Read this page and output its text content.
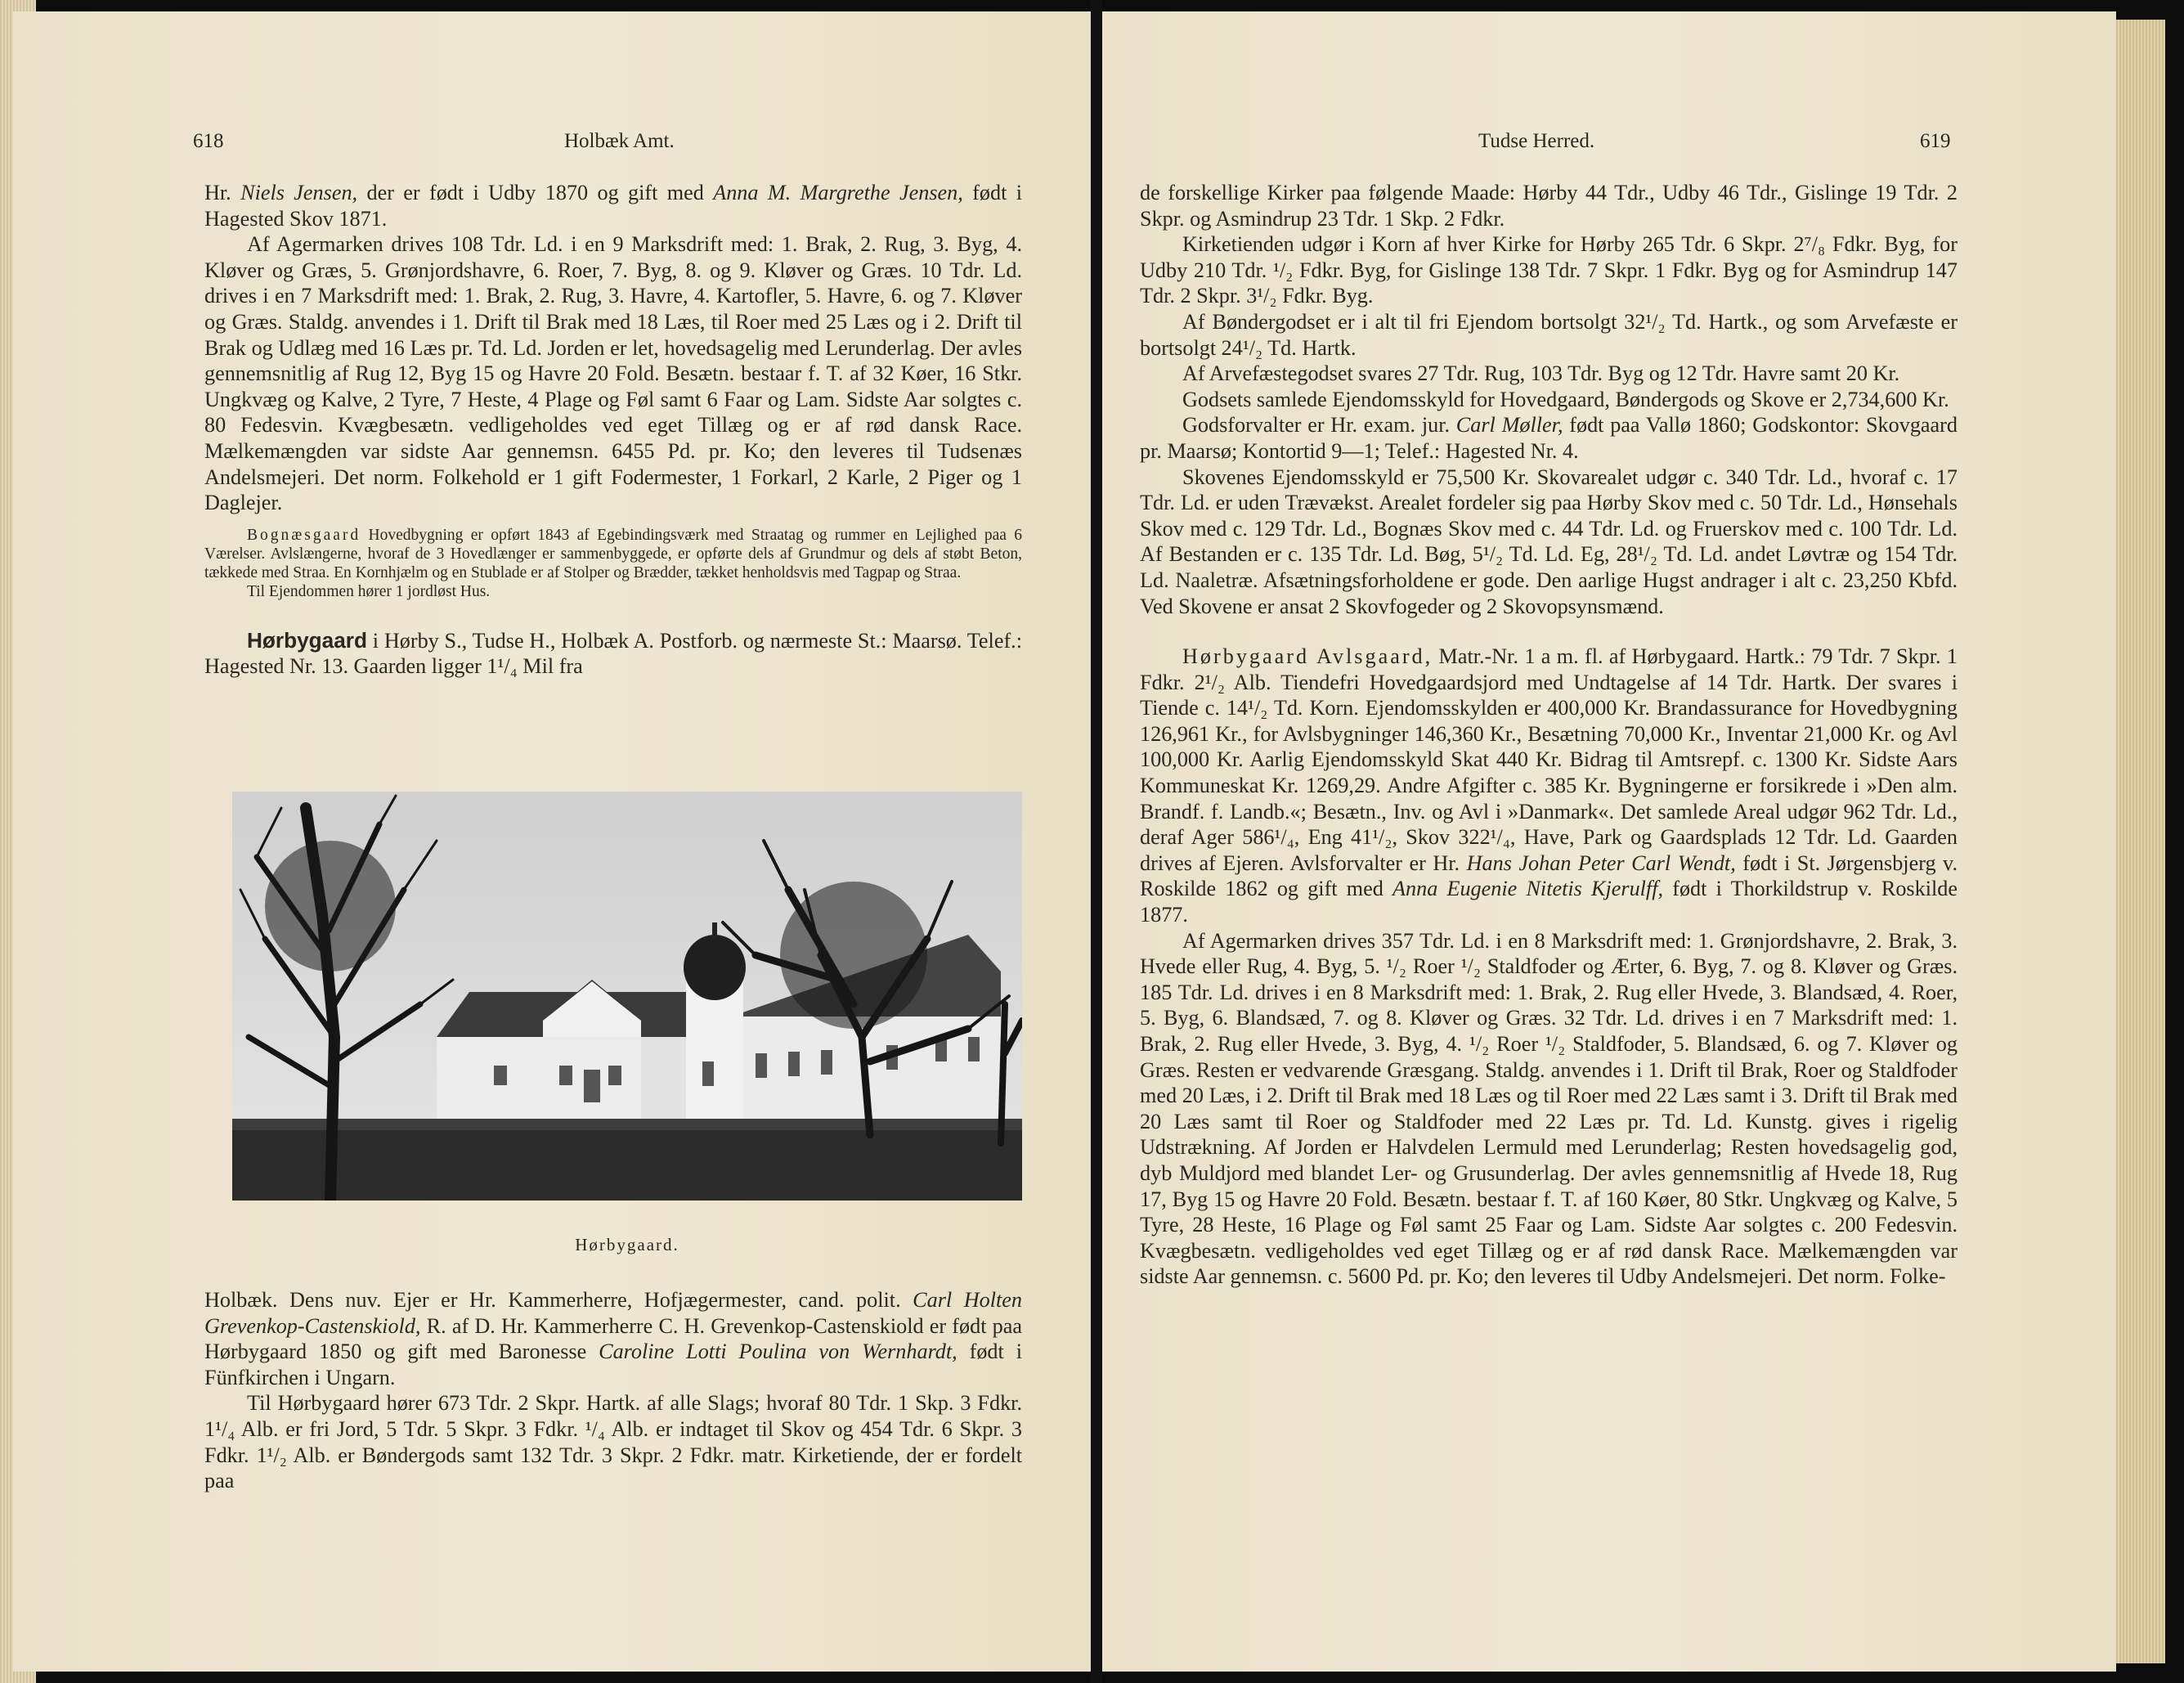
618	Holbæk Amt.

Hr. Niels Jensen, der er født i Udby 1870 og gift med Anna M. Margrethe Jensen, født i Hagested Skov 1871.

Af Agermarken drives 108 Tdr. Ld. i en 9 Marksdrift med: 1. Brak, 2. Rug, 3. Byg, 4. Kløver og Græs, 5. Grønjordshavre, 6. Roer, 7. Byg, 8. og 9. Kløver og Græs. 10 Tdr. Ld. drives i en 7 Marksdrift med: 1. Brak, 2. Rug, 3. Havre, 4. Kartofler, 5. Havre, 6. og 7. Kløver og Græs. Staldg. anvendes i 1. Drift til Brak med 18 Læs, til Roer med 25 Læs og i 2. Drift til Brak og Udlæg med 16 Læs pr. Td. Ld. Jorden er let, hovedsagelig med Lerunderlag. Der avles gennemsnitlig af Rug 12, Byg 15 og Havre 20 Fold. Besætn. bestaar f. T. af 32 Køer, 16 Stkr. Ungkvæg og Kalve, 2 Tyre, 7 Heste, 4 Plage og Føl samt 6 Faar og Lam. Sidste Aar solgtes c. 80 Fedesvin. Kvægbesætn. vedligeholdes ved eget Tillæg og er af rød dansk Race. Mælkemængden var sidste Aar gennemsn. 6455 Pd. pr. Ko; den leveres til Tudsenæs Andelsmejeri. Det norm. Folkehold er 1 gift Fodermester, 1 Forkarl, 2 Karle, 2 Piger og 1 Daglejer.

Bognæsgaard Hovedbygning er opført 1843 af Egebindingsværk med Straatag og rummer en Lejlighed paa 6 Værelser. Avlslængerne, hvoraf de 3 Hovedlænger er sammenbyggede, er opførte dels af Grundmur og dels af støbt Beton, tækkede med Straa. En Kornhjælm og en Stublade er af Stolper og Brædder, tækket henholdsvis med Tagpap og Straa.

Til Ejendommen hører 1 jordløst Hus.

Hørbygaard i Hørby S., Tudse H., Holbæk A. Postforb. og nærmeste St.: Maarsø. Telef.: Hagested Nr. 13. Gaarden ligger 1¹/₄ Mil fra

Hørbygaard.

Holbæk. Dens nuv. Ejer er Hr. Kammerherre, Hofjægermester, cand. polit. Carl Holten Grevenkop-Castenskiold, R. af D. Hr. Kammerherre C. H. Grevenkop-Castenskiold er født paa Hørbygaard 1850 og gift med Baronesse Caroline Lotti Poulina von Wernhardt, født i Fünfkirchen i Ungarn.

Til Hørbygaard hører 673 Tdr. 2 Skpr. Hartk. af alle Slags; hvoraf 80 Tdr. 1 Skp. 3 Fdkr. 1¹/₄ Alb. er fri Jord, 5 Tdr. 5 Skpr. 3 Fdkr. ¹/₄ Alb. er indtaget til Skov og 454 Tdr. 6 Skpr. 3 Fdkr. 1¹/₂ Alb. er Bøndergods samt 132 Tdr. 3 Skpr. 2 Fdkr. matr. Kirketiende, der er fordelt paa

Tudse Herred.	619

de forskellige Kirker paa følgende Maade: Hørby 44 Tdr., Udby 46 Tdr., Gislinge 19 Tdr. 2 Skpr. og Asmindrup 23 Tdr. 1 Skp. 2 Fdkr.

Kirketienden udgør i Korn af hver Kirke for Hørby 265 Tdr. 6 Skpr. 2⁷/₈ Fdkr. Byg, for Udby 210 Tdr. ¹/₂ Fdkr. Byg, for Gislinge 138 Tdr. 7 Skpr. 1 Fdkr. Byg og for Asmindrup 147 Tdr. 2 Skpr. 3¹/₂ Fdkr. Byg.

Af Bøndergodset er i alt til fri Ejendom bortsolgt 32¹/₂ Td. Hartk., og som Arvefæste er bortsolgt 24¹/₂ Td. Hartk.

Af Arvefæstegodset svares 27 Tdr. Rug, 103 Tdr. Byg og 12 Tdr. Havre samt 20 Kr.

Godsets samlede Ejendomsskyld for Hovedgaard, Bøndergods og Skove er 2,734,600 Kr.

Godsforvalter er Hr. exam. jur. Carl Møller, født paa Vallø 1860; Godskontor: Skovgaard pr. Maarsø; Kontortid 9—1; Telef.: Hagested Nr. 4.

Skovenes Ejendomsskyld er 75,500 Kr. Skovarealet udgør c. 340 Tdr. Ld., hvoraf c. 17 Tdr. Ld. er uden Trævækst. Arealet fordeler sig paa Hørby Skov med c. 50 Tdr. Ld., Hønsehals Skov med c. 129 Tdr. Ld., Bognæs Skov med c. 44 Tdr. Ld. og Fruerskov med c. 100 Tdr. Ld. Af Bestanden er c. 135 Tdr. Ld. Bøg, 5¹/₂ Td. Ld. Eg, 28¹/₂ Td. Ld. andet Løvtræ og 154 Tdr. Ld. Naaletræ. Afsætningsforholdene er gode. Den aarlige Hugst andrager i alt c. 23,250 Kbfd. Ved Skovene er ansat 2 Skovfogeder og 2 Skovopsynsmænd.

Hørbygaard Avlsgaard, Matr.-Nr. 1 a m. fl. af Hørbygaard. Hartk.: 79 Tdr. 7 Skpr. 1 Fdkr. 2¹/₂ Alb. Tiendefri Hovedgaardsjord med Undtagelse af 14 Tdr. Hartk. Der svares i Tiende c. 14¹/₂ Td. Korn. Ejendomsskylden er 400,000 Kr. Brandassurance for Hovedbygning 126,961 Kr., for Avlsbygninger 146,360 Kr., Besætning 70,000 Kr., Inventar 21,000 Kr. og Avl 100,000 Kr. Aarlig Ejendomsskyld Skat 440 Kr. Bidrag til Amtsrepf. c. 1300 Kr. Sidste Aars Kommuneskat Kr. 1269,29. Andre Afgifter c. 385 Kr. Bygningerne er forsikrede i »Den alm. Brandf. f. Landb.«; Besætn., Inv. og Avl i »Danmark«. Det samlede Areal udgør 962 Tdr. Ld., deraf Ager 586¹/₄, Eng 41¹/₂, Skov 322¹/₄, Have, Park og Gaardsplads 12 Tdr. Ld. Gaarden drives af Ejeren. Avlsforvalter er Hr. Hans Johan Peter Carl Wendt, født i St. Jørgensbjerg v. Roskilde 1862 og gift med Anna Eugenie Nitetis Kjerulff, født i Thorkildstrup v. Roskilde 1877.

Af Agermarken drives 357 Tdr. Ld. i en 8 Marksdrift med: 1. Grønjordshavre, 2. Brak, 3. Hvede eller Rug, 4. Byg, 5. ¹/₂ Roer ¹/₂ Staldfoder og Ærter, 6. Byg, 7. og 8. Kløver og Græs. 185 Tdr. Ld. drives i en 8 Marksdrift med: 1. Brak, 2. Rug eller Hvede, 3. Blandsæd, 4. Roer, 5. Byg, 6. Blandsæd, 7. og 8. Kløver og Græs. 32 Tdr. Ld. drives i en 7 Marksdrift med: 1. Brak, 2. Rug eller Hvede, 3. Byg, 4. ¹/₂ Roer ¹/₂ Staldfoder, 5. Blandsæd, 6. og 7. Kløver og Græs. Resten er vedvarende Græsgang. Staldg. anvendes i 1. Drift til Brak, Roer og Staldfoder med 20 Læs, i 2. Drift til Brak med 18 Læs og til Roer med 22 Læs samt i 3. Drift til Brak med 20 Læs samt til Roer og Staldfoder med 22 Læs pr. Td. Ld. Kunstg. gives i rigelig Udstrækning. Af Jorden er Halvdelen Lermuld med Lerunderlag; Resten hovedsagelig god, dyb Muldjord med blandet Ler- og Grusunderlag. Der avles gennemsnitlig af Hvede 18, Rug 17, Byg 15 og Havre 20 Fold. Besætn. bestaar f. T. af 160 Køer, 80 Stkr. Ungkvæg og Kalve, 5 Tyre, 28 Heste, 16 Plage og Føl samt 25 Faar og Lam. Sidste Aar solgtes c. 200 Fedesvin. Kvægbesætn. vedligeholdes ved eget Tillæg og er af rød dansk Race. Mælkemængden var sidste Aar gennemsn. c. 5600 Pd. pr. Ko; den leveres til Udby Andelsmejeri. Det norm. Folke-
